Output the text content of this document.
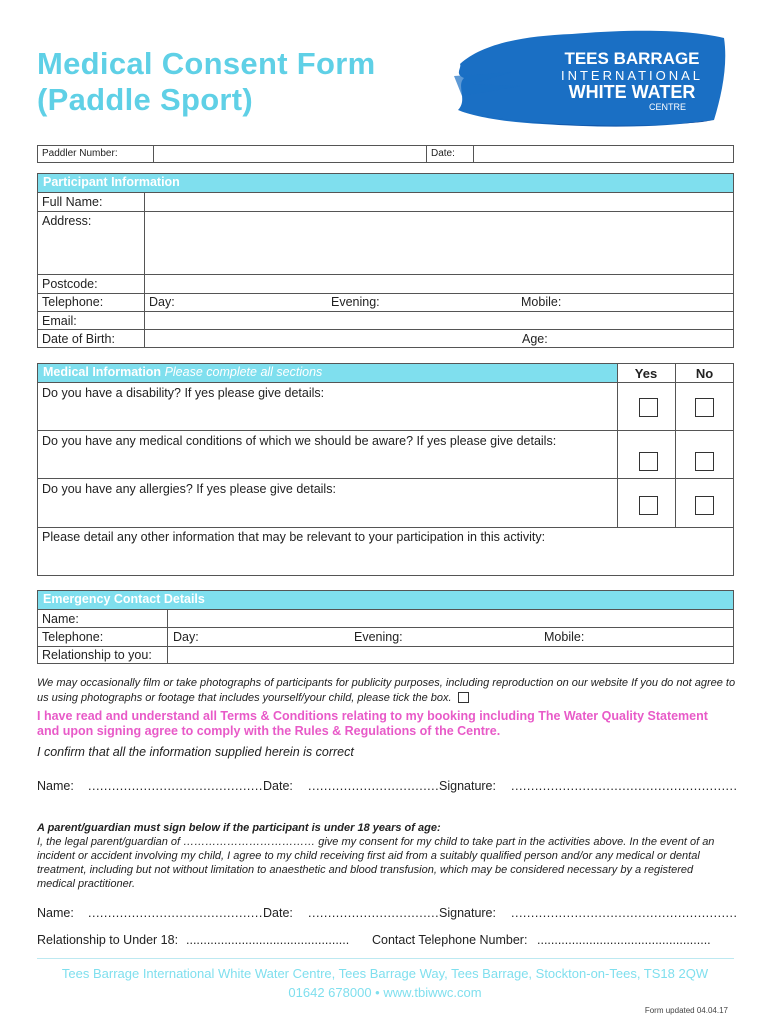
Medical Consent Form
(Paddle Sport)
TEES BARRAGE
INTERNATIONAL
WHITE WATER
CENTRE
Paddler Number:	Date:
Participant Information
Full Name:
Address:
Postcode:
Telephone:	Day:	Evening:	Mobile:
Email:
Date of Birth:	Age:
Medical Information Please complete all sections	Yes	No
Do you have a disability? If yes please give details:
Do you have any medical conditions of which we should be aware? If yes please give details:
Do you have any allergies? If yes please give details:
Please detail any other information that may be relevant to your participation in this activity:
Emergency Contact Details
Name:
Telephone:	Day:	Evening:	Mobile:
Relationship to you:
We may occasionally film or take photographs of participants for publicity purposes, including reproduction on our website If you do not agree to us using photographs or footage that includes yourself/your child, please tick the box.
I have read and understand all Terms & Conditions relating to my booking including The Water Quality Statement
and upon signing agree to comply with the Rules & Regulations of the Centre.
I confirm that all the information supplied herein is correct
Name: ............................................ Date: ................................. Signature: .........................................................
A parent/guardian must sign below if the participant is under 18 years of age:
I, the legal parent/guardian of ……………………………… give my consent for my child to take part in the activities above. In the event of an incident or accident involving my child, I agree to my child receiving first aid from a suitably qualified person and/or any medical or dental treatment, including but not without limitation to anaesthetic and blood transfusion, which may be considered necessary by a registered medical practitioner.
Name: ............................................ Date: ................................. Signature: .........................................................
Relationship to Under 18: ............................................... Contact Telephone Number: ..................................................
Tees Barrage International White Water Centre, Tees Barrage Way, Tees Barrage, Stockton-on-Tees, TS18 2QW
01642 678000 • www.tbiwwc.com
Form updated 04.04.17
